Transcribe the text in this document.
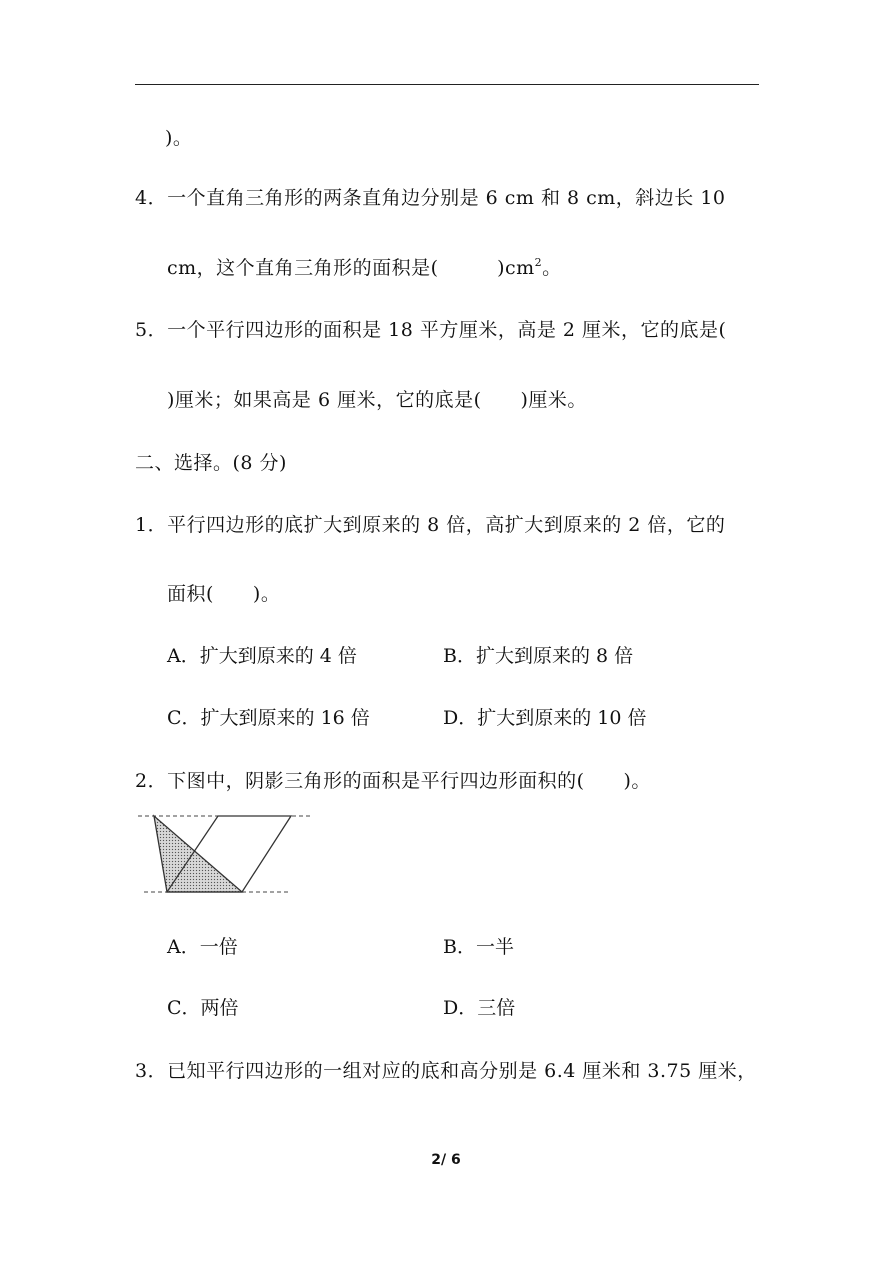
)。
4．一个直角三角形的两条直角边分别是 6 cm 和 8 cm，斜边长 10
cm，这个直角三角形的面积是(　　　)$cm^2$。
5．一个平行四边形的面积是 18 平方厘米，高是 2 厘米，它的底是(
)厘米；如果高是 6 厘米，它的底是(　　)厘米。
二、选择。(8 分)
1．平行四边形的底扩大到原来的 8 倍，高扩大到原来的 2 倍，它的
面积(　　)。
A．扩大到原来的 4 倍	B．扩大到原来的 8 倍
C．扩大到原来的 16 倍	D．扩大到原来的 10 倍
2．下图中，阴影三角形的面积是平行四边形面积的(　　)。
A．一倍	B．一半
C．两倍	D．三倍
3．已知平行四边形的一组对应的底和高分别是 6.4 厘米和 3.75 厘米，
2/ 6
